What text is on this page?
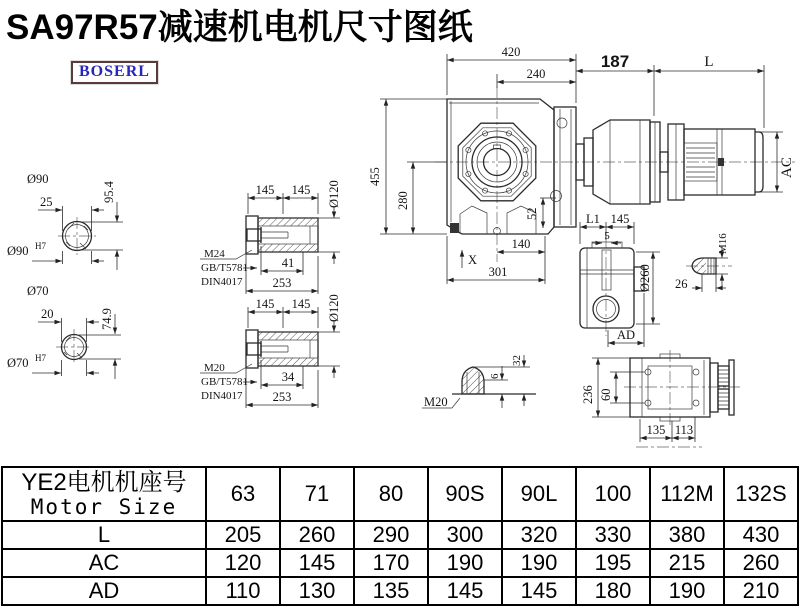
SA97R57减速机电机尺寸图纸
BOSERL
420
240
187	L
AC
455
280
52
X
140
301
Ø90
25	95.4
Ø90 H7
Ø70
20	74.9
Ø70 H7
145 145 Ø120
M24
GB/T5781
DIN4017
41
253
145 145 Ø120
M20
GB/T5781
DIN4017
34
253
L1 145
5
Ø260
AD
M16
26
M20
6
32
236 60
135 113
YE2电机机座号
Motor Size	63	71	80	90S	90L	100	112M	132S
L	205	260	290	300	320	330	380	430
AC	120	145	170	190	190	195	215	260
AD	110	130	135	145	145	180	190	210
